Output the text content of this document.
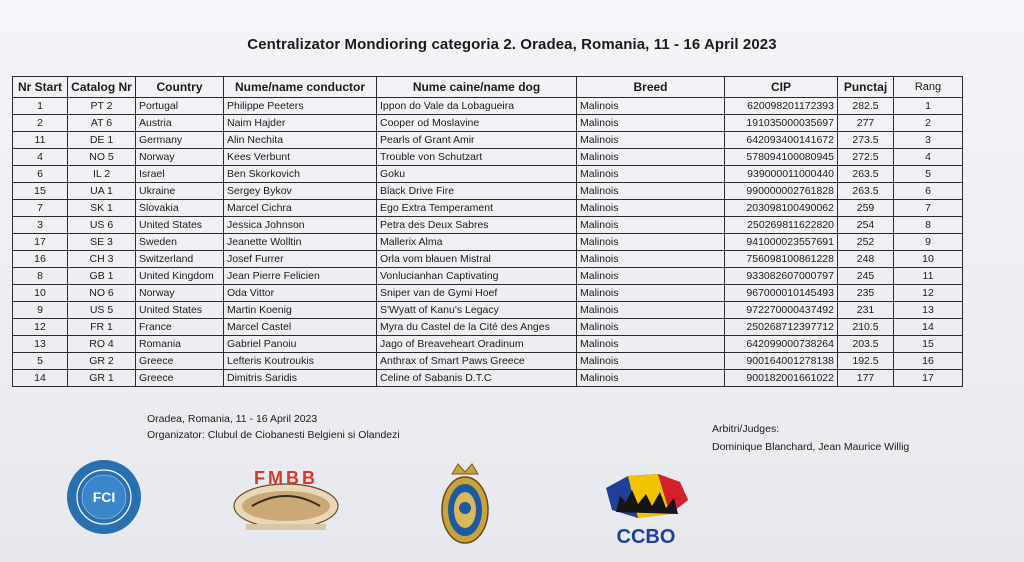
Centralizator Mondioring categoria 2. Oradea, Romania, 11 - 16 April 2023
Nr Start	Catalog Nr	Country	Nume/name conductor	Nume caine/name dog	Breed	CIP	Punctaj	Rang
1	PT 2	Portugal	Philippe Peeters	Ippon do Vale da Lobagueira	Malinois	620098201172393	282.5	1
2	AT 6	Austria	Naim Hajder	Cooper od Moslavine	Malinois	191035000035697	277	2
11	DE 1	Germany	Alin Nechita	Pearls of Grant Amir	Malinois	642093400141672	273.5	3
4	NO 5	Norway	Kees Verbunt	Trouble von Schutzart	Malinois	578094100080945	272.5	4
6	IL 2	Israel	Ben Skorkovich	Goku	Malinois	939000011000440	263.5	5
15	UA 1	Ukraine	Sergey Bykov	Black Drive Fire	Malinois	990000002761828	263.5	6
7	SK 1	Slovakia	Marcel Cichra	Ego Extra Temperament	Malinois	203098100490062	259	7
3	US 6	United States	Jessica Johnson	Petra des Deux Sabres	Malinois	250269811622820	254	8
17	SE 3	Sweden	Jeanette Wolltin	Mallerix Alma	Malinois	941000023557691	252	9
16	CH 3	Switzerland	Josef Furrer	Orla vom blauen Mistral	Malinois	756098100861228	248	10
8	GB 1	United Kingdom	Jean Pierre Felicien	Vonlucianhan Captivating	Malinois	933082607000797	245	11
10	NO 6	Norway	Oda Vittor	Sniper van de Gymi Hoef	Malinois	967000010145493	235	12
9	US 5	United States	Martin Koenig	S'Wyatt of Kanu's Legacy	Malinois	972270000437492	231	13
12	FR 1	France	Marcel Castel	Myra du Castel de la Cité des Anges	Malinois	250268712397712	210.5	14
13	RO 4	Romania	Gabriel Panoiu	Jago of Breaveheart Oradinum	Malinois	642099000738264	203.5	15
5	GR 2	Greece	Lefteris Koutroukis	Anthrax of Smart Paws Greece	Malinois	900164001278138	192.5	16
14	GR 1	Greece	Dimitris Saridis	Celine of Sabanis D.T.C	Malinois	900182001661022	177	17
Oradea, Romania, 11 - 16 April 2023
Organizator: Clubul de Ciobanesti Belgieni si Olandezi	Arbitri/Judges:
Dominique Blanchard, Jean Maurice Willig
FCI
FMBB
CCBO
